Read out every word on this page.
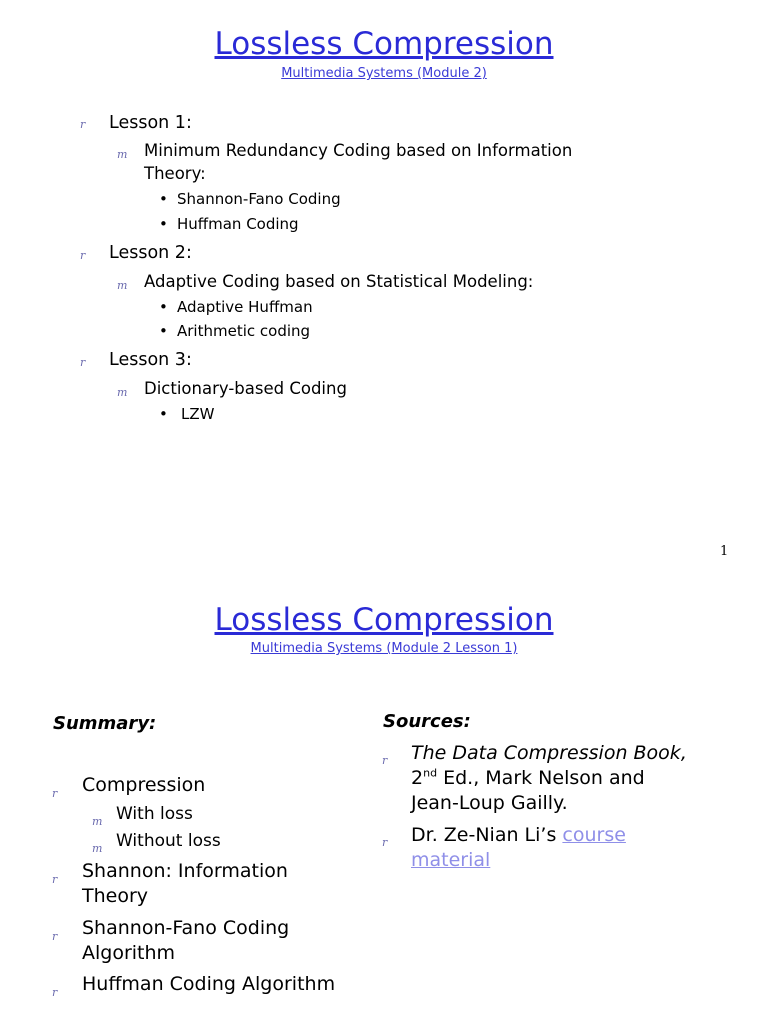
Lossless Compression
Multimedia Systems (Module 2)
r Lesson 1:
m Minimum Redundancy Coding based on Information
Theory:
• Shannon-Fano Coding
• Huffman Coding
r Lesson 2:
m Adaptive Coding based on Statistical Modeling:
• Adaptive Huffman
• Arithmetic coding
r Lesson 3:
m Dictionary-based Coding
• LZW
1
Lossless Compression
Multimedia Systems (Module 2 Lesson 1)
Summary:
r Compression
m With loss
m Without loss
r Shannon: Information
Theory
r Shannon-Fano Coding
Algorithm
r Huffman Coding Algorithm
Sources:
r The Data Compression Book,
2nd Ed., Mark Nelson and
Jean-Loup Gailly.
r Dr. Ze-Nian Li’s course
material
